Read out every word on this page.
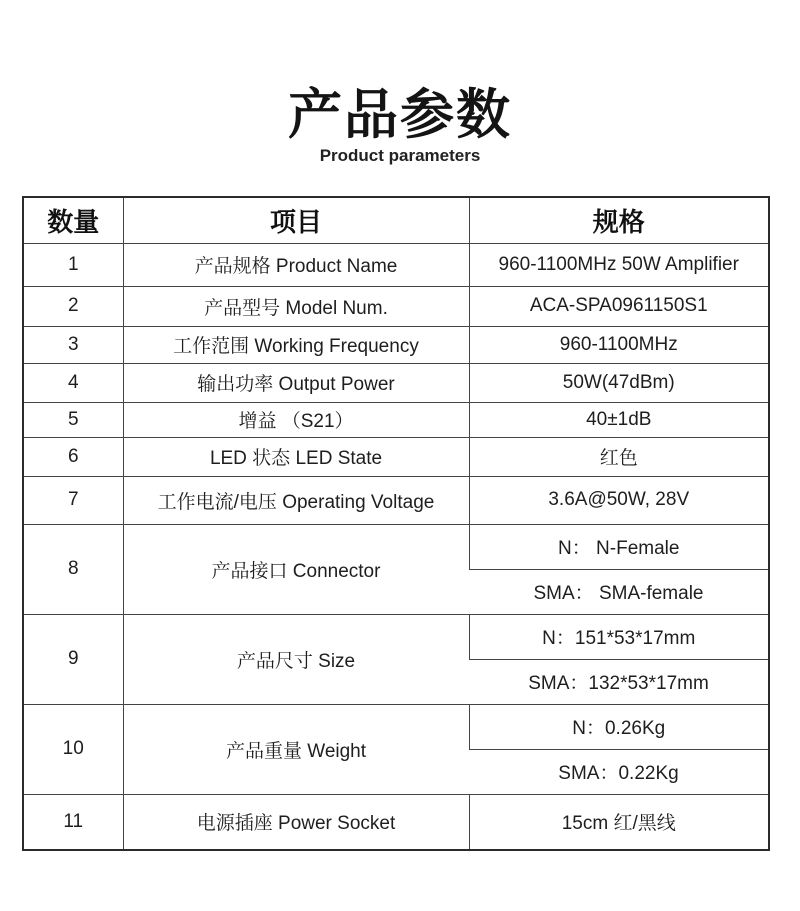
产品参数
Product parameters
数量	项目	规格
1	产品规格 Product Name	960-1100MHz 50W Amplifier
2	产品型号 Model Num.	ACA-SPA0961150S1
3	工作范围 Working Frequency	960-1100MHz
4	输出功率 Output Power	50W(47dBm)
5	增益 （S21）	40±1dB
6	LED 状态 LED State	红色
7	工作电流/电压 Operating Voltage	3.6A@50W, 28V
8	产品接口 Connector	N： N-Female
		SMA： SMA-female
9	产品尺寸 Size	N：151*53*17mm
		SMA：132*53*17mm
10	产品重量 Weight	N：0.26Kg
		SMA：0.22Kg
11	电源插座 Power Socket	15cm 红/黑线
